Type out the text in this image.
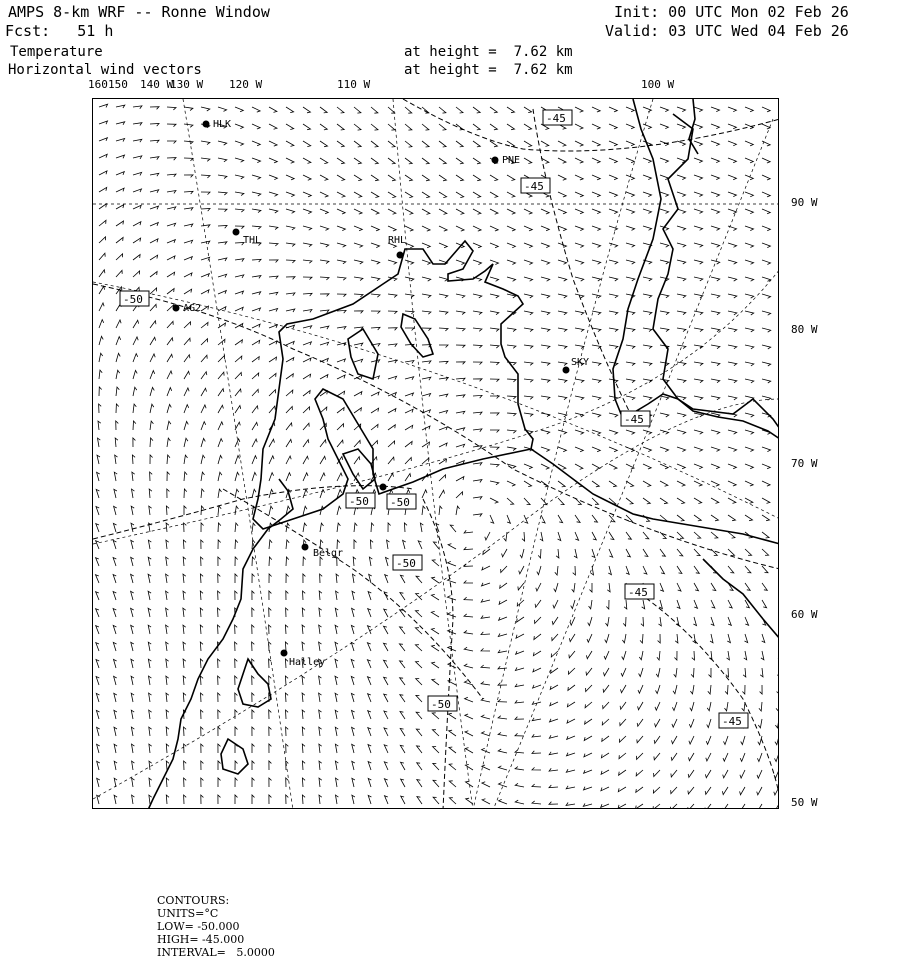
AMPS 8-km WRF -- Ronne Window	Init: 00 UTC Mon 02 Feb 26
Fcst:   51 h	Valid: 03 UTC Wed 04 Feb 26
Temperature	at height =  7.62 km
Horizontal wind vectors	at height =  7.62 km
160 150 140 W
130 W 120 W	110 W	100 W
90 W
80 W
70 W
60 W
50 W
HLK
PNE
THL	RHL
AG2
SKY
Belgr
Halley
-45
-45
-50
-45
-50 -50
-50
-45
-50
-45

CONTOURS:
UNITS=°C
LOW= -50.000
HIGH= -45.000
INTERVAL=   5.0000
